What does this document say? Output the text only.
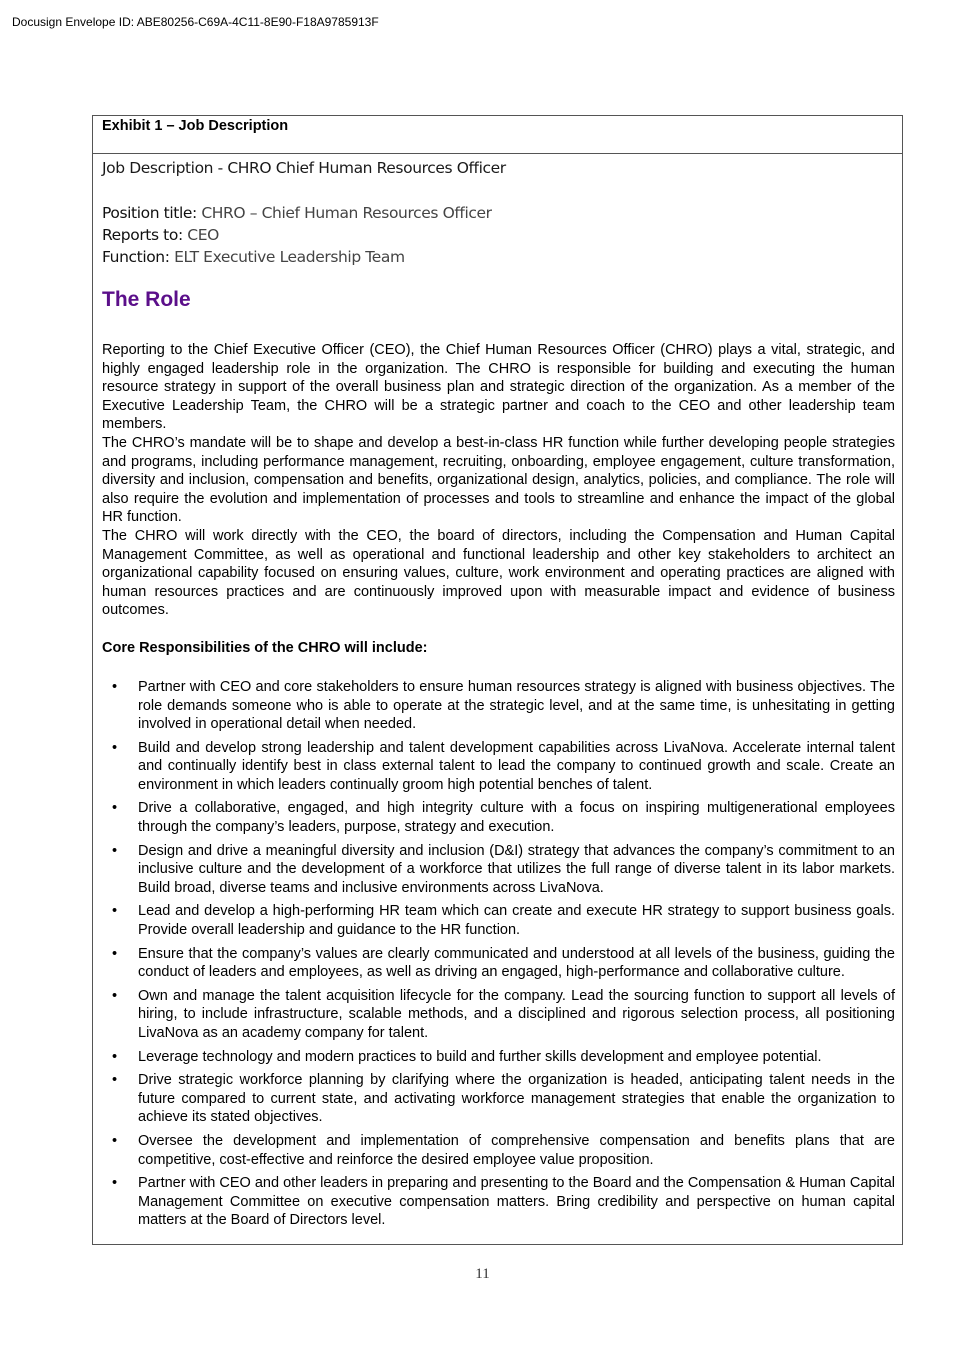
Docusign Envelope ID: ABE80256-C69A-4C11-8E90-F18A9785913F
Exhibit 1 – Job Description
Job Description - CHRO Chief Human Resources Officer
Position title: CHRO – Chief Human Resources Officer
Reports to: CEO
Function: ELT Executive Leadership Team
The Role

Reporting to the Chief Executive Officer (CEO), the Chief Human Resources Officer (CHRO) plays a vital, strategic, and highly engaged leadership role in the organization. The CHRO is responsible for building and executing the human resource strategy in support of the overall business plan and strategic direction of the organization. As a member of the Executive Leadership Team, the CHRO will be a strategic partner and coach to the CEO and other leadership team members.

The CHRO’s mandate will be to shape and develop a best-in-class HR function while further developing people strategies and programs, including performance management, recruiting, onboarding, employee engagement, culture transformation, diversity and inclusion, compensation and benefits, organizational design, analytics, policies, and compliance. The role will also require the evolution and implementation of processes and tools to streamline and enhance the impact of the global HR function.

The CHRO will work directly with the CEO, the board of directors, including the Compensation and Human Capital Management Committee, as well as operational and functional leadership and other key stakeholders to architect an organizational capability focused on ensuring values, culture, work environment and operating practices are aligned with human resources practices and are continuously improved upon with measurable impact and evidence of business outcomes.

Core Responsibilities of the CHRO will include:
• Partner with CEO and core stakeholders to ensure human resources strategy is aligned with business objectives. The role demands someone who is able to operate at the strategic level, and at the same time, is unhesitating in getting involved in operational detail when needed.
• Build and develop strong leadership and talent development capabilities across LivaNova. Accelerate internal talent and continually identify best in class external talent to lead the company to continued growth and scale. Create an environment in which leaders continually groom high potential benches of talent.
• Drive a collaborative, engaged, and high integrity culture with a focus on inspiring multigenerational employees through the company’s leaders, purpose, strategy and execution.
• Design and drive a meaningful diversity and inclusion (D&I) strategy that advances the company’s commitment to an inclusive culture and the development of a workforce that utilizes the full range of diverse talent in its labor markets. Build broad, diverse teams and inclusive environments across LivaNova.
• Lead and develop a high-performing HR team which can create and execute HR strategy to support business goals. Provide overall leadership and guidance to the HR function.
• Ensure that the company’s values are clearly communicated and understood at all levels of the business, guiding the conduct of leaders and employees, as well as driving an engaged, high-performance and collaborative culture.
• Own and manage the talent acquisition lifecycle for the company. Lead the sourcing function to support all levels of hiring, to include infrastructure, scalable methods, and a disciplined and rigorous selection process, all positioning LivaNova as an academy company for talent.
• Leverage technology and modern practices to build and further skills development and employee potential.
• Drive strategic workforce planning by clarifying where the organization is headed, anticipating talent needs in the future compared to current state, and activating workforce management strategies that enable the organization to achieve its stated objectives.
• Oversee the development and implementation of comprehensive compensation and benefits plans that are competitive, cost-effective and reinforce the desired employee value proposition.
• Partner with CEO and other leaders in preparing and presenting to the Board and the Compensation & Human Capital Management Committee on executive compensation matters. Bring credibility and perspective on human capital matters at the Board of Directors level.
11
